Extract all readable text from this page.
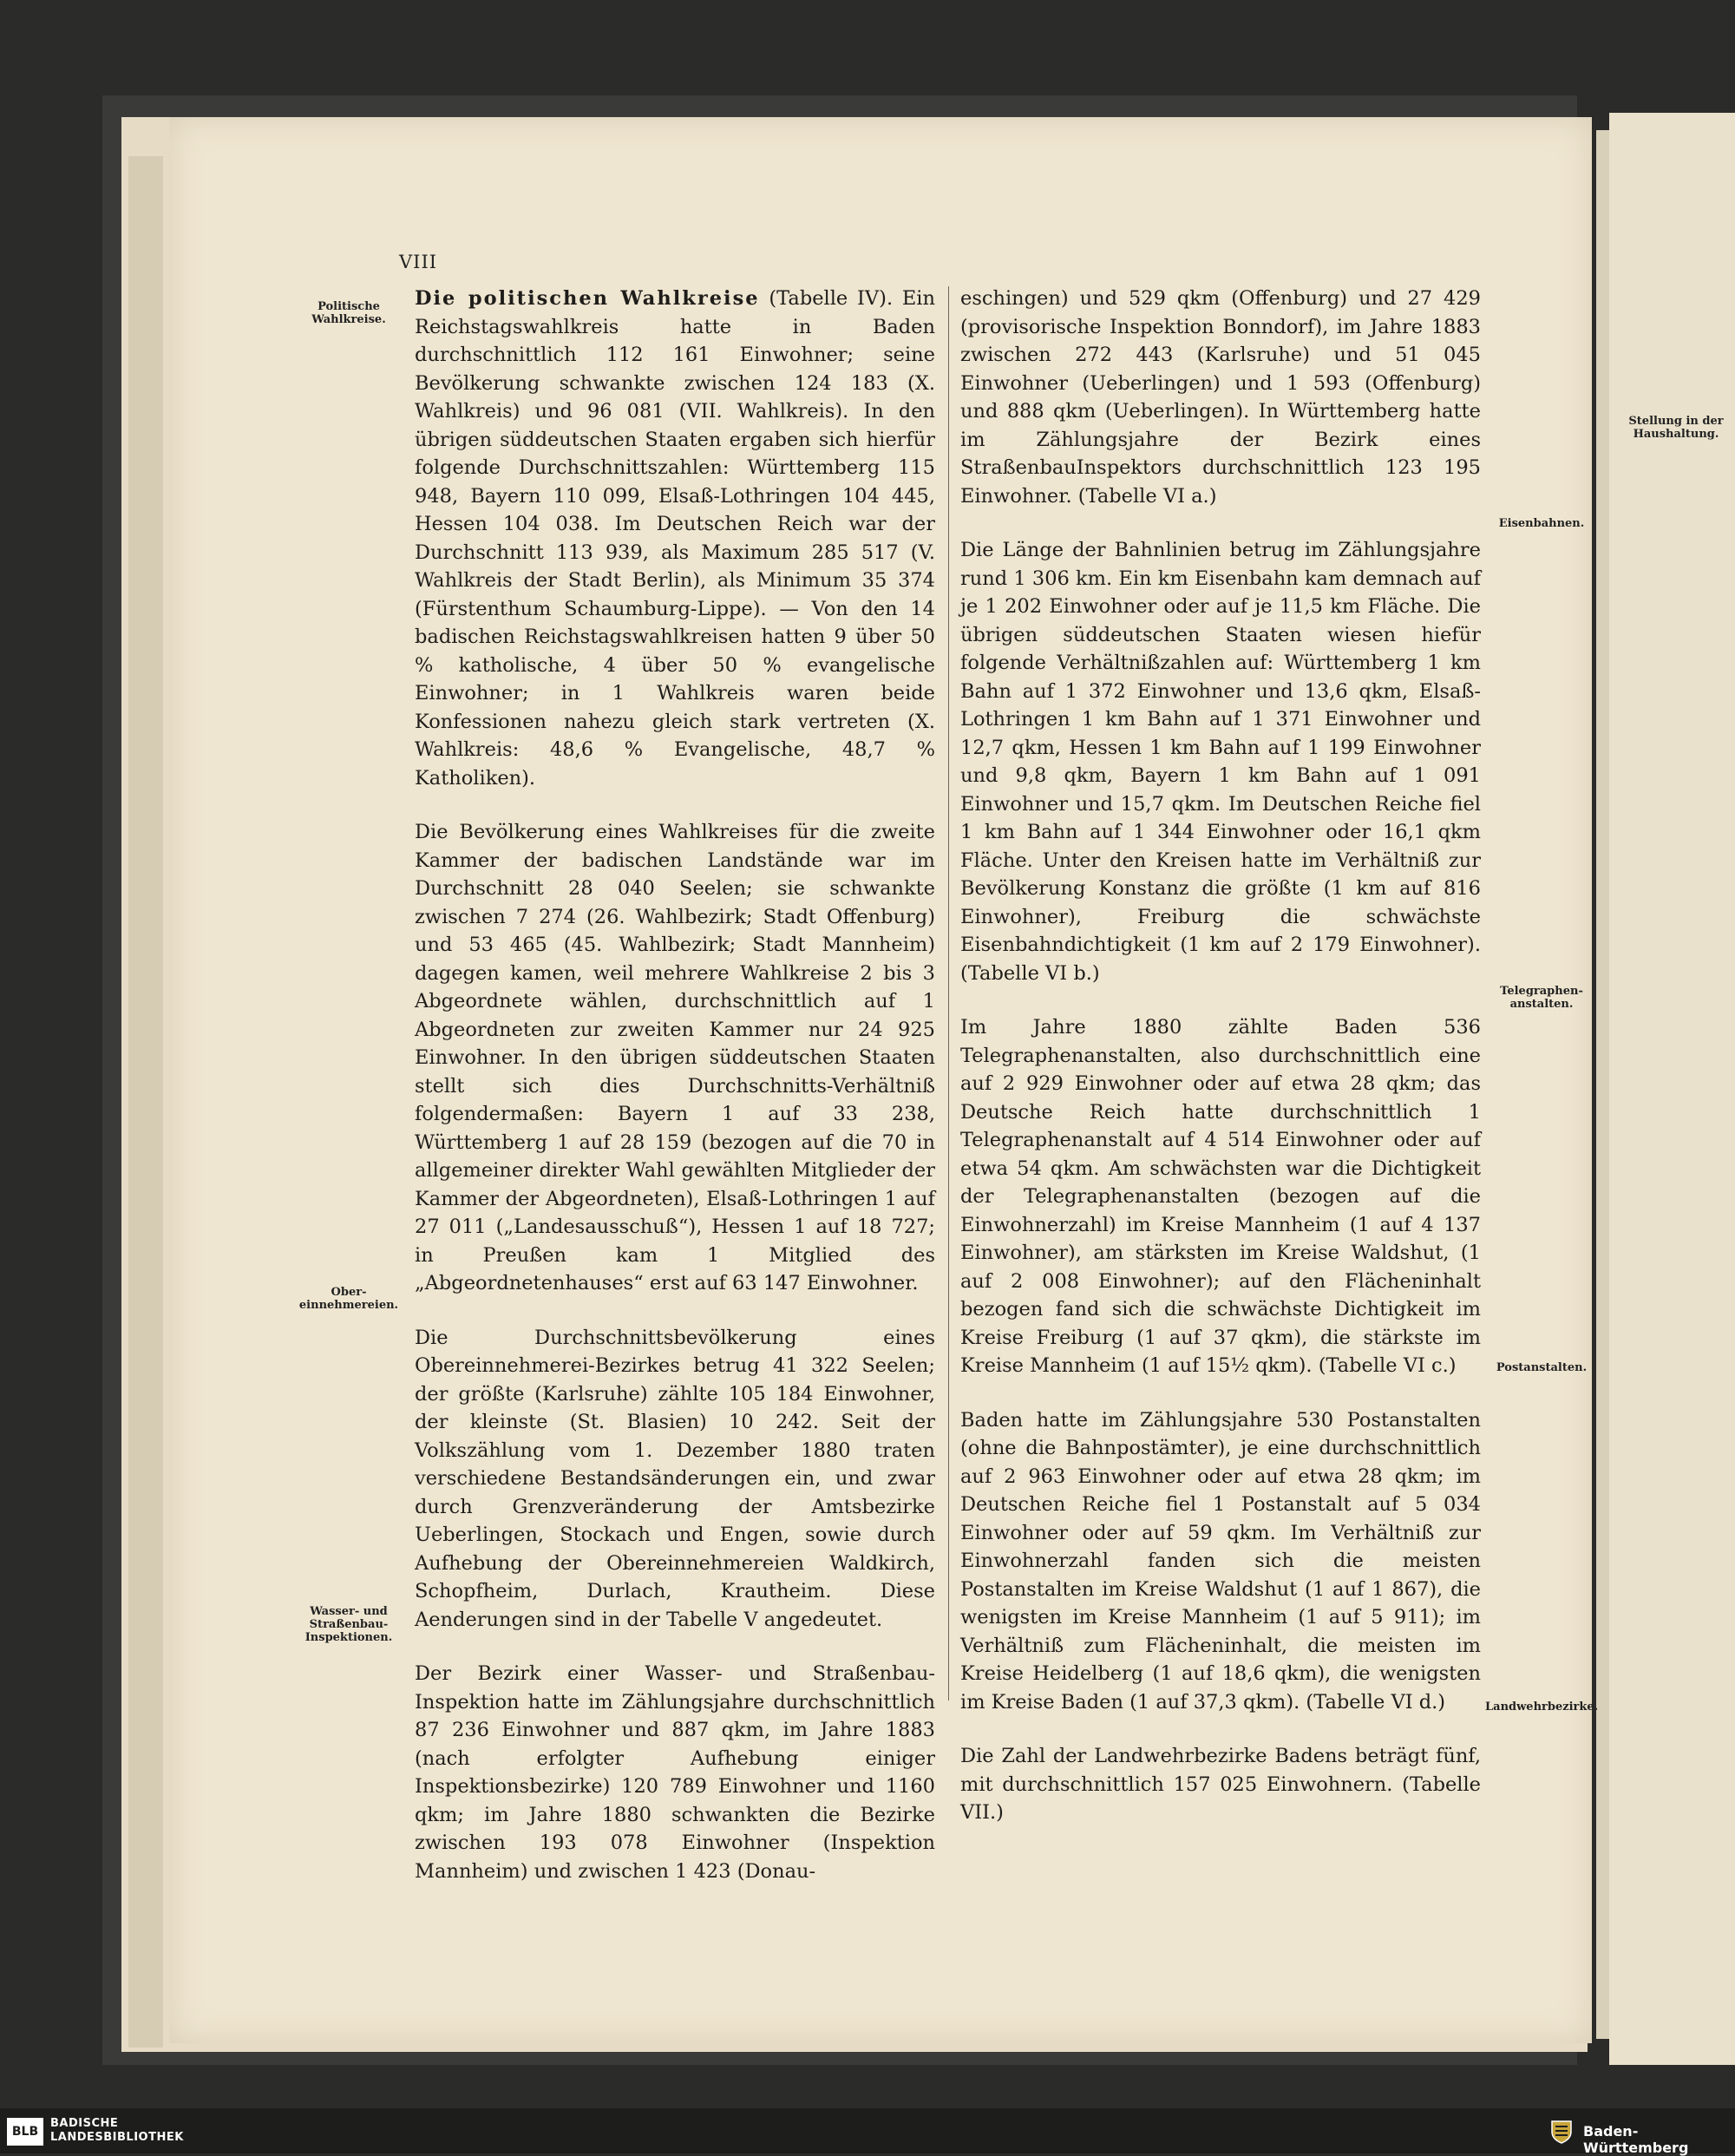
VIII
Politische Wahlkreise.
Ober-einnehmereien.
Wasser- und Straßenbau-Inspektionen.
Stellung in der Haushaltung.
Eisenbahnen.
Telegraphen-anstalten.
Postanstalten.
Landwehrbezirke.

Die politischen Wahlkreise (Tabelle IV). Ein Reichstagswahlkreis hatte in Baden durchschnittlich 112 161 Einwohner; seine Bevölkerung schwankte zwischen 124 183 (X. Wahlkreis) und 96 081 (VII. Wahlkreis). In den übrigen süddeutschen Staaten ergaben sich hierfür folgende Durchschnittszahlen: Württemberg 115 948, Bayern 110 099, Elsaß-Lothringen 104 445, Hessen 104 038. Im Deutschen Reich war der Durchschnitt 113 939, als Maximum 285 517 (V. Wahlkreis der Stadt Berlin), als Minimum 35 374 (Fürstenthum Schaumburg-Lippe). — Von den 14 badischen Reichstagswahlkreisen hatten 9 über 50 % katholische, 4 über 50 % evangelische Einwohner; in 1 Wahlkreis waren beide Konfessionen nahezu gleich stark vertreten (X. Wahlkreis: 48,6 % Evangelische, 48,7 % Katholiken).

Die Bevölkerung eines Wahlkreises für die zweite Kammer der badischen Landstände war im Durchschnitt 28 040 Seelen; sie schwankte zwischen 7 274 (26. Wahlbezirk; Stadt Offenburg) und 53 465 (45. Wahlbezirk; Stadt Mannheim) dagegen kamen, weil mehrere Wahlkreise 2 bis 3 Abgeordnete wählen, durchschnittlich auf 1 Abgeordneten zur zweiten Kammer nur 24 925 Einwohner. In den übrigen süddeutschen Staaten stellt sich dies Durchschnitts-Verhältniß folgendermaßen: Bayern 1 auf 33 238, Württemberg 1 auf 28 159 (bezogen auf die 70 in allgemeiner direkter Wahl gewählten Mitglieder der Kammer der Abgeordneten), Elsaß-Lothringen 1 auf 27 011 („Landesausschuß“), Hessen 1 auf 18 727; in Preußen kam 1 Mitglied des „Abgeordnetenhauses“ erst auf 63 147 Einwohner.

Die Durchschnittsbevölkerung eines Obereinnehmerei-Bezirkes betrug 41 322 Seelen; der größte (Karlsruhe) zählte 105 184 Einwohner, der kleinste (St. Blasien) 10 242. Seit der Volkszählung vom 1. Dezember 1880 traten verschiedene Bestandsänderungen ein, und zwar durch Grenzveränderung der Amtsbezirke Ueberlingen, Stockach und Engen, sowie durch Aufhebung der Obereinnehmereien Waldkirch, Schopfheim, Durlach, Krautheim. Diese Aenderungen sind in der Tabelle V angedeutet.

Der Bezirk einer Wasser- und Straßenbau-Inspektion hatte im Zählungsjahre durchschnittlich 87 236 Einwohner und 887 qkm, im Jahre 1883 (nach erfolgter Aufhebung einiger Inspektionsbezirke) 120 789 Einwohner und 1160 qkm; im Jahre 1880 schwankten die Bezirke zwischen 193 078 Einwohner (Inspektion Mannheim) und zwischen 1 423 (Donau-

eschingen) und 529 qkm (Offenburg) und 27 429 (provisorische Inspektion Bonndorf), im Jahre 1883 zwischen 272 443 (Karlsruhe) und 51 045 Einwohner (Ueberlingen) und 1 593 (Offenburg) und 888 qkm (Ueberlingen). In Württemberg hatte im Zählungsjahre der Bezirk eines StraßenbauInspektors durchschnittlich 123 195 Einwohner. (Tabelle VI a.)

Die Länge der Bahnlinien betrug im Zählungsjahre rund 1 306 km. Ein km Eisenbahn kam demnach auf je 1 202 Einwohner oder auf je 11,5 km Fläche. Die übrigen süddeutschen Staaten wiesen hiefür folgende Verhältnißzahlen auf: Württemberg 1 km Bahn auf 1 372 Einwohner und 13,6 qkm, Elsaß-Lothringen 1 km Bahn auf 1 371 Einwohner und 12,7 qkm, Hessen 1 km Bahn auf 1 199 Einwohner und 9,8 qkm, Bayern 1 km Bahn auf 1 091 Einwohner und 15,7 qkm. Im Deutschen Reiche fiel 1 km Bahn auf 1 344 Einwohner oder 16,1 qkm Fläche. Unter den Kreisen hatte im Verhältniß zur Bevölkerung Konstanz die größte (1 km auf 816 Einwohner), Freiburg die schwächste Eisenbahndichtigkeit (1 km auf 2 179 Einwohner). (Tabelle VI b.)

Im Jahre 1880 zählte Baden 536 Telegraphenanstalten, also durchschnittlich eine auf 2 929 Einwohner oder auf etwa 28 qkm; das Deutsche Reich hatte durchschnittlich 1 Telegraphenanstalt auf 4 514 Einwohner oder auf etwa 54 qkm. Am schwächsten war die Dichtigkeit der Telegraphenanstalten (bezogen auf die Einwohnerzahl) im Kreise Mannheim (1 auf 4 137 Einwohner), am stärksten im Kreise Waldshut, (1 auf 2 008 Einwohner); auf den Flächeninhalt bezogen fand sich die schwächste Dichtigkeit im Kreise Freiburg (1 auf 37 qkm), die stärkste im Kreise Mannheim (1 auf 15½ qkm). (Tabelle VI c.)

Baden hatte im Zählungsjahre 530 Postanstalten (ohne die Bahnpostämter), je eine durchschnittlich auf 2 963 Einwohner oder auf etwa 28 qkm; im Deutschen Reiche fiel 1 Postanstalt auf 5 034 Einwohner oder auf 59 qkm. Im Verhältniß zur Einwohnerzahl fanden sich die meisten Postanstalten im Kreise Waldshut (1 auf 1 867), die wenigsten im Kreise Mannheim (1 auf 5 911); im Verhältniß zum Flächeninhalt, die meisten im Kreise Heidelberg (1 auf 18,6 qkm), die wenigsten im Kreise Baden (1 auf 37,3 qkm). (Tabelle VI d.)

Die Zahl der Landwehrbezirke Badens beträgt fünf, mit durchschnittlich 157 025 Einwohnern. (Tabelle VII.)

BLB
BADISCHE
LANDESBIBLIOTHEK	Baden-Württemberg
